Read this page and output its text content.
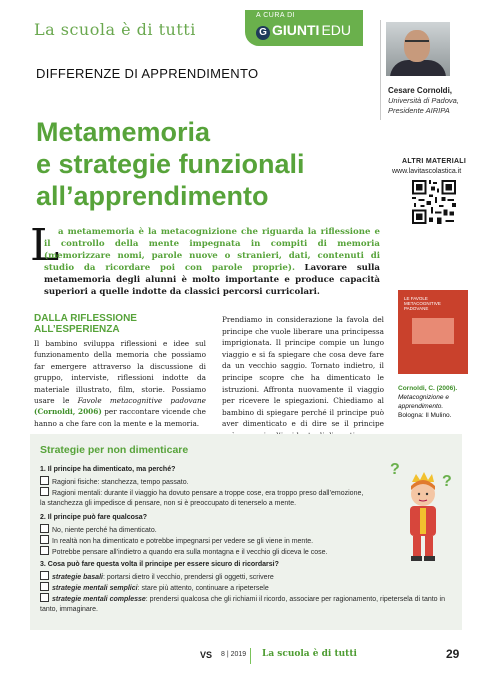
La scuola è di tutti
A CURA DI
G GIUNTI EDU
Cesare Cornoldi,
Università di Padova,
Presidente AIRIPA
DIFFERENZE DI APPRENDIMENTO
Metamemoria
e strategie funzionali
all’apprendimento
ALTRI MATERIALI
www.lavitascolastica.it
L
a metamemoria è la metacognizione che riguarda la riflessione e il controllo della mente impegnata in compiti di memoria (memorizzare nomi, parole nuove o stranieri, dati, contenuti di studio da ricordare poi con parole proprie). Lavorare sulla metamemoria degli alunni è molto importante e produce capacità superiori a quelle indotte da classici percorsi curricolari.
DALLA RIFLESSIONE
ALL’ESPERIENZA
Il bambino sviluppa riflessioni e idee sul funzionamento della memoria che possiamo far emergere attraverso la discussione di gruppo, interviste, riflessioni indotte da materiale illustrato, film, storie. Possiamo usare le Favole metacognitive padovane (Cornoldi, 2006) per raccontare vicende che hanno a che fare con la mente e la memoria.
Prendiamo in considerazione la favola del principe che vuole liberare una principessa imprigionata. Il principe compie un lungo viaggio e si fa spiegare che cosa deve fare da un vecchio saggio. Tornato indietro, il principe scopre che ha dimenticato le istruzioni. Affronta nuovamente il viaggio per ricevere le spiegazioni. Chiediamo al bambino di spiegare perché il principe può aver dimenticato e di dire se il principe
LE FAVOLE METACOGNITIVE PADOVANE
Cornoldi, C. (2006).
Metacognizione e apprendimento.
Bologna: Il Mulino.
Strategie per non dimenticare
1. Il principe ha dimenticato, ma perché?
Ragioni fisiche: stanchezza, tempo passato.
Ragioni mentali: durante il viaggio ha dovuto pensare a troppe cose, era troppo preso dall’emozione, la stanchezza gli impedisce di pensare, non si è preoccupato di tenerselo a mente.
2. Il principe può fare qualcosa?
No, niente perché ha dimenticato.
In realtà non ha dimenticato e potrebbe impegnarsi per vedere se gli viene in mente.
Potrebbe pensare all’indietro a quando era sulla montagna e il vecchio gli diceva le cose.
3. Cosa può fare questa volta il principe per essere sicuro di ricordarsi?
strategie basali: portarsi dietro il vecchio, prendersi gli oggetti, scrivere
strategie mentali semplici: stare più attento, continuare a ripetersele
strategie mentali complesse: prendersi qualcosa che gli richiami il ricordo, associare per ragionamento, ripetersela di tanto in tanto, immaginare.
?
?
VS 8 | 2019 La scuola è di tutti	29
